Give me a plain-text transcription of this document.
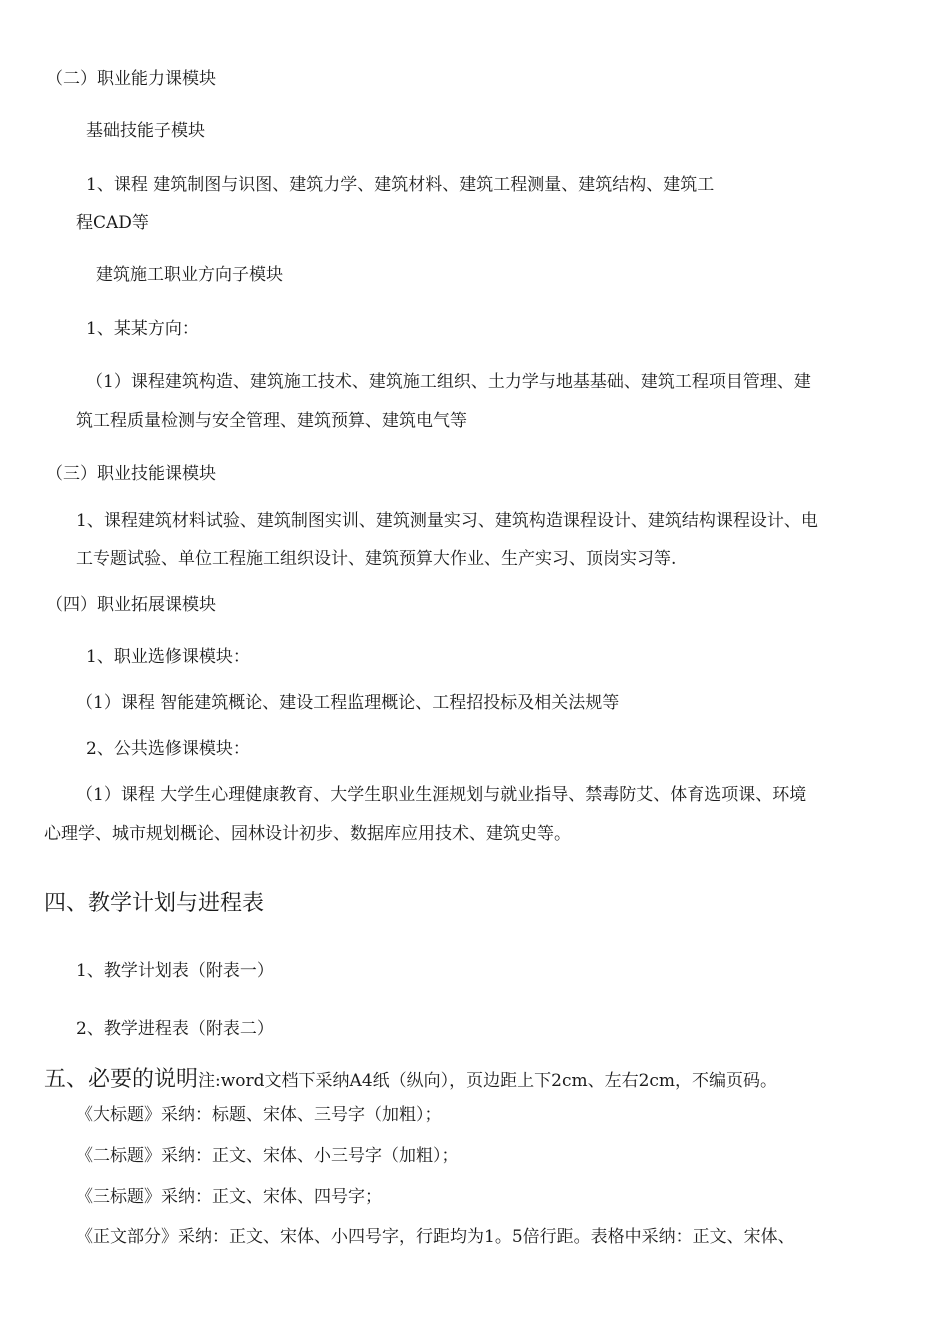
（二）职业能力课模块
基础技能子模块
1、课程 建筑制图与识图、建筑力学、建筑材料、建筑工程测量、建筑结构、建筑工
程CAD等
建筑施工职业方向子模块
1、某某方向：
（1）课程建筑构造、建筑施工技术、建筑施工组织、土力学与地基基础、建筑工程项目管理、建
筑工程质量检测与安全管理、建筑预算、建筑电气等
（三）职业技能课模块
1、课程建筑材料试验、建筑制图实训、建筑测量实习、建筑构造课程设计、建筑结构课程设计、电
工专题试验、单位工程施工组织设计、建筑预算大作业、生产实习、顶岗实习等.
（四）职业拓展课模块
1、职业选修课模块：
（1）课程 智能建筑概论、建设工程监理概论、工程招投标及相关法规等
2、公共选修课模块：
（1）课程 大学生心理健康教育、大学生职业生涯规划与就业指导、禁毒防艾、体育选项课、环境
心理学、城市规划概论、园林设计初步、数据库应用技术、建筑史等。
四、教学计划与进程表
1、教学计划表（附表一）
2、教学进程表（附表二）
五、必要的说明注:word文档下采纳A4纸（纵向），页边距上下2cm、左右2cm，不编页码。
《大标题》采纳：标题、宋体、三号字（加粗）；
《二标题》采纳：正文、宋体、小三号字（加粗）；
《三标题》采纳：正文、宋体、四号字；
《正文部分》采纳：正文、宋体、小四号字，行距均为1。5倍行距。表格中采纳：正文、宋体、
